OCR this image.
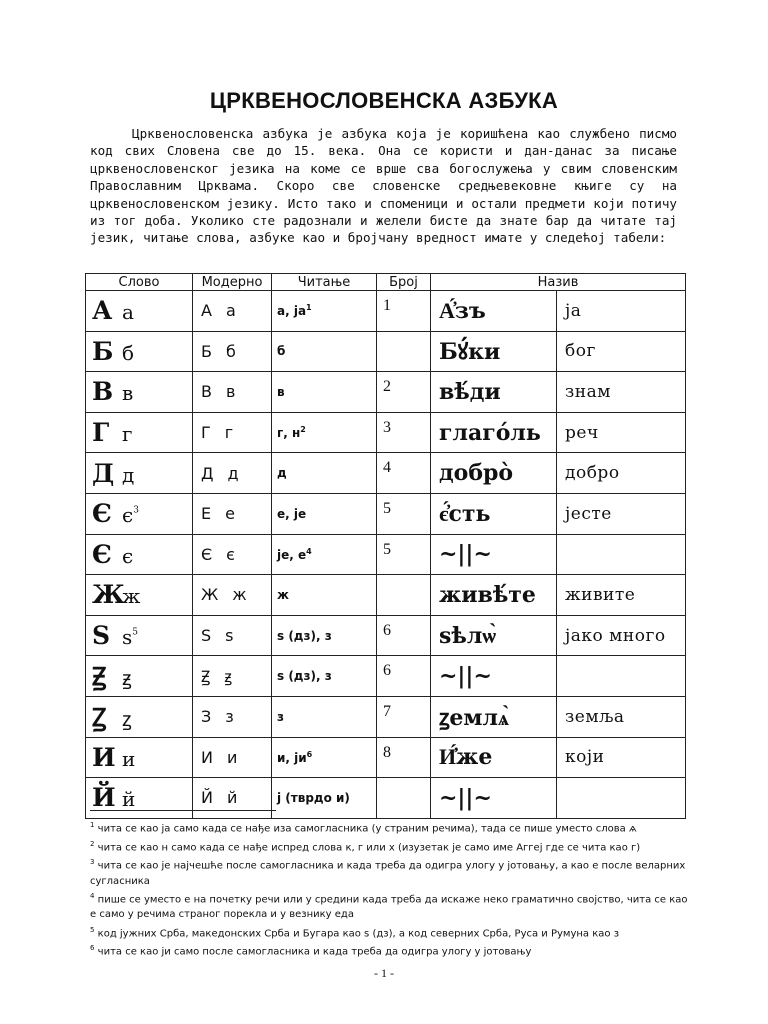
ЦРКВЕНОСЛОВЕНСКА АЗБУКА

Црквенословенска азбука је азбука која је коришћена као службено писмо код свих Словена све до 15. века. Она се користи и дан-данас за писање црквенословенског језика на коме се врше сва богослужења у свим словенским Православним Црквама. Скоро све словенске средњевековне књиге су на црквенословенском језику. Исто тако и споменици и остали предмети који потичу из тог доба. Уколико сте радознали и желели бисте да знате бар да читате тај језик, читање слова, азбуке као и бројчану вредност имате у следећој табели:

Слово	Модерно	Читање	Број	Назив	
А а	А а	а, $ја^1$	1	А҆́зъ	ја
Б б	Б б	б		Бꙋ́ки	бог
В в	В в	в	2	вѣ́ди	знам
Г г	Г г	г, $н^2$	3	глаго́ль	реч
Д д	Д д	д	4	добро̀	добро
Є $є^3$	Е е	е, је	5	є҆́сть	јесте
Є є	Є є	је, $е^4$	5	~||~	
Жж	Ж ж	ж		живѣ́те	живите
Ѕ $ѕ^5$	Ѕ ѕ	ѕ (дз), з	6	ѕѣлѡ̀	јако много
Ꙃ ꙃ	Ꙃ ꙃ	ѕ (дз), з	6	~||~	
Ꙁ ꙁ	З з	з	7	ꙁемлѧ̀	земља
И и	И и	и, $ји^6$	8	И҆́же	који
Й й	Й й	ј (тврдо и)		~||~	
$^1$ чита се као ја само када се нађе иза самогласника (у страним речима), тада се пише уместо слова ѧ
$^2$ чита се као н само када се нађе испред слова к, г или х (изузетак је само име Аггеј где се чита као г)
$^3$ чита се као је најчешће после самогласника и када треба да одигра улогу у јотовању, а као е после веларних сугласника
$^4$ пише се уместо е на почетку речи или у средини када треба да искаже неко граматично својство, чита се као е само у речима страног порекла и у везнику еда
$^5$ код јужних Срба, македонских Срба и Бугара као ѕ (дз), а код северних Срба, Руса и Румуна као з
$^6$ чита се као ји само после самогласника и када треба да одигра улогу у јотовању
- 1 -
